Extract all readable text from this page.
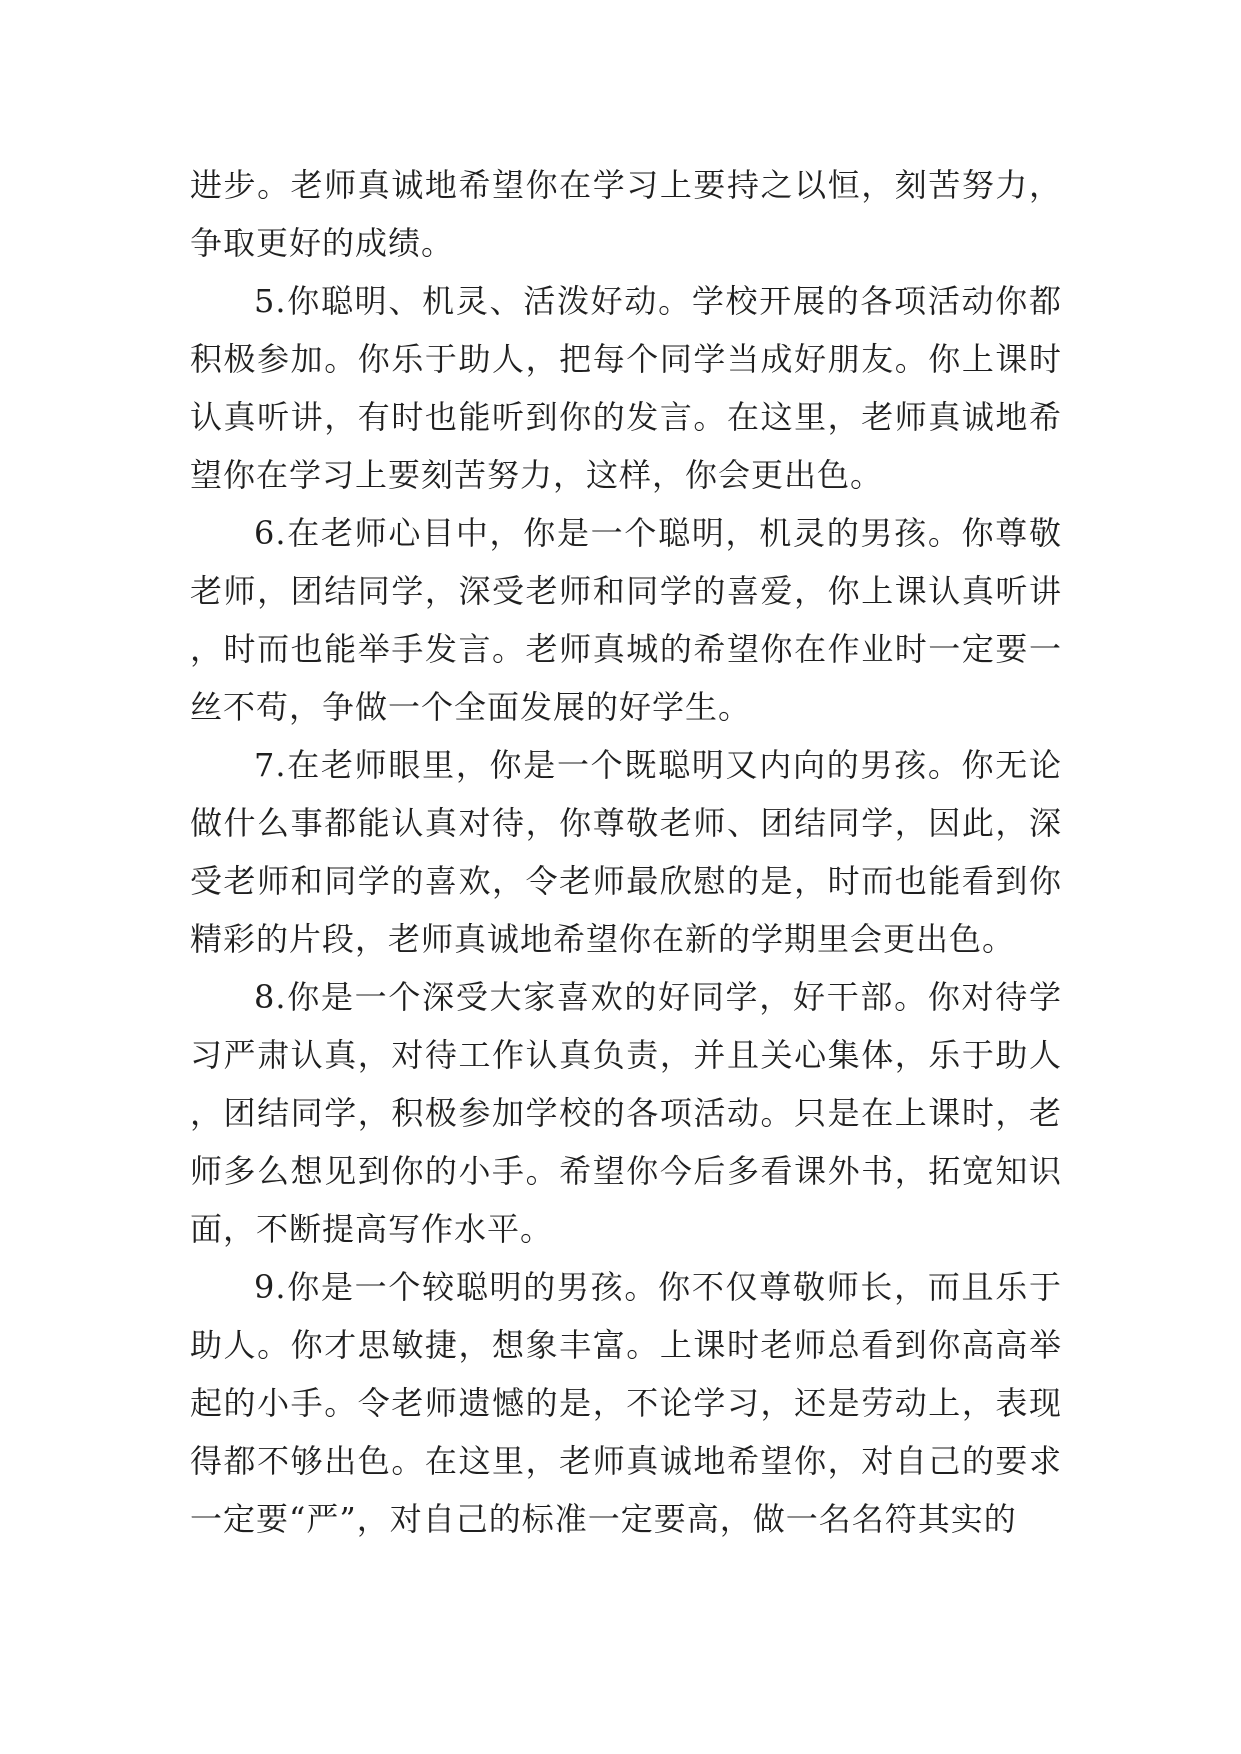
进步。老师真诚地希望你在学习上要持之以恒，刻苦努力，争取更好的成绩。

5.你聪明、机灵、活泼好动。学校开展的各项活动你都积极参加。你乐于助人，把每个同学当成好朋友。你上课时认真听讲，有时也能听到你的发言。在这里，老师真诚地希望你在学习上要刻苦努力，这样，你会更出色。

6.在老师心目中，你是一个聪明，机灵的男孩。你尊敬老师，团结同学，深受老师和同学的喜爱，你上课认真听讲，时而也能举手发言。老师真城的希望你在作业时一定要一丝不苟，争做一个全面发展的好学生。

7.在老师眼里，你是一个既聪明又内向的男孩。你无论做什么事都能认真对待，你尊敬老师、团结同学，因此，深受老师和同学的喜欢，令老师最欣慰的是，时而也能看到你精彩的片段，老师真诚地希望你在新的学期里会更出色。

8.你是一个深受大家喜欢的好同学，好干部。你对待学习严肃认真，对待工作认真负责，并且关心集体，乐于助人，团结同学，积极参加学校的各项活动。只是在上课时，老师多么想见到你的小手。希望你今后多看课外书，拓宽知识面，不断提高写作水平。

9.你是一个较聪明的男孩。你不仅尊敬师长，而且乐于助人。你才思敏捷，想象丰富。上课时老师总看到你高高举起的小手。令老师遗憾的是，不论学习，还是劳动上，表现得都不够出色。在这里，老师真诚地希望你，对自己的要求一定要“严”，对自己的标准一定要高，做一名名符其实的
